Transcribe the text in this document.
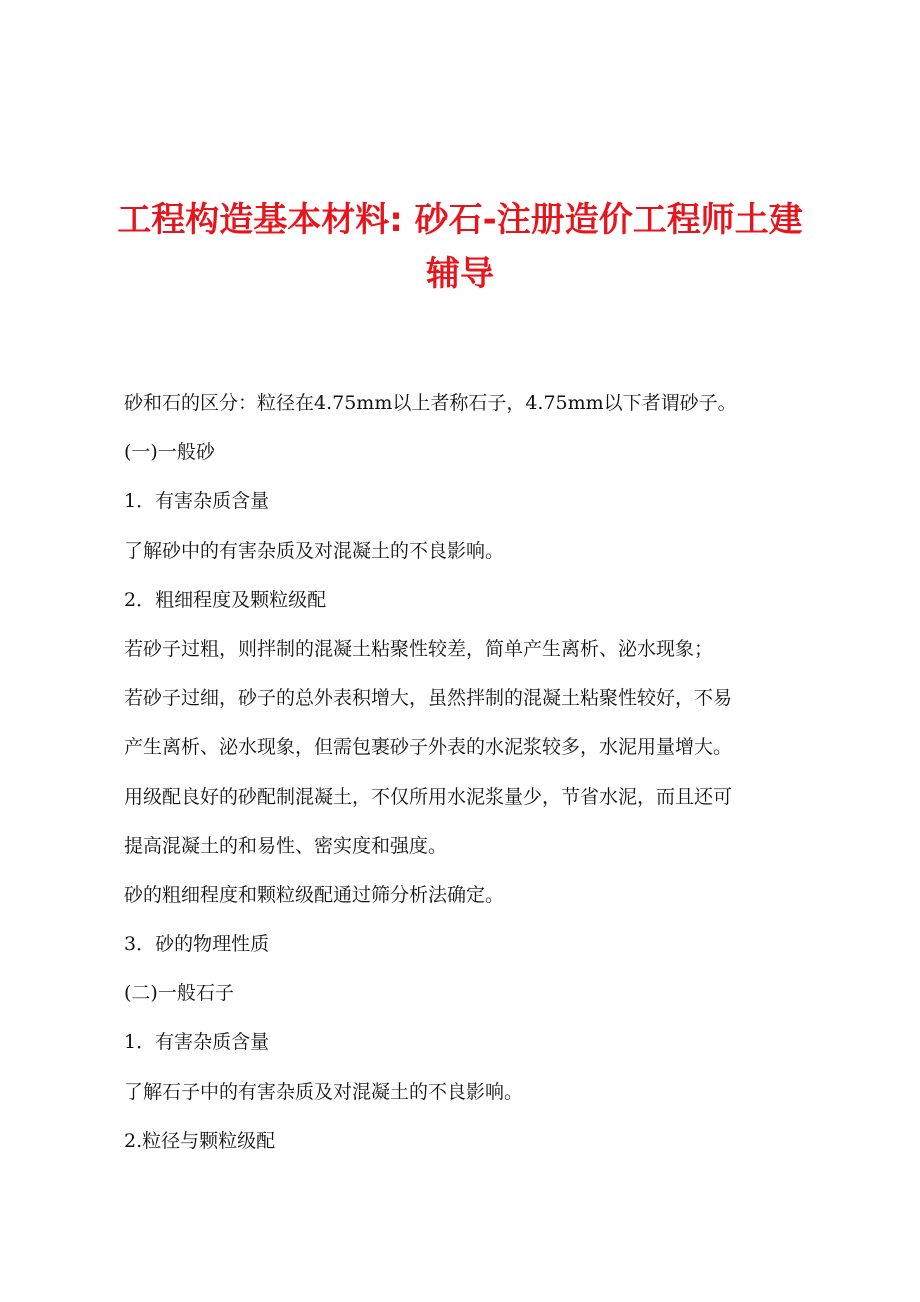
工程构造基本材料: 砂石-注册造价工程师土建
辅导

砂和石的区分：粒径在4.75mm以上者称石子，4.75mm以下者谓砂子。

(一)一般砂

1．有害杂质含量

了解砂中的有害杂质及对混凝土的不良影响。

2．粗细程度及颗粒级配

若砂子过粗，则拌制的混凝土粘聚性较差，简单产生离析、泌水现象；

若砂子过细，砂子的总外表积增大，虽然拌制的混凝土粘聚性较好，不易

产生离析、泌水现象，但需包裹砂子外表的水泥浆较多，水泥用量增大。

用级配良好的砂配制混凝土，不仅所用水泥浆量少，节省水泥，而且还可

提高混凝土的和易性、密实度和强度。

砂的粗细程度和颗粒级配通过筛分析法确定。

3．砂的物理性质

(二)一般石子

1．有害杂质含量

了解石子中的有害杂质及对混凝土的不良影响。

2.粒径与颗粒级配
